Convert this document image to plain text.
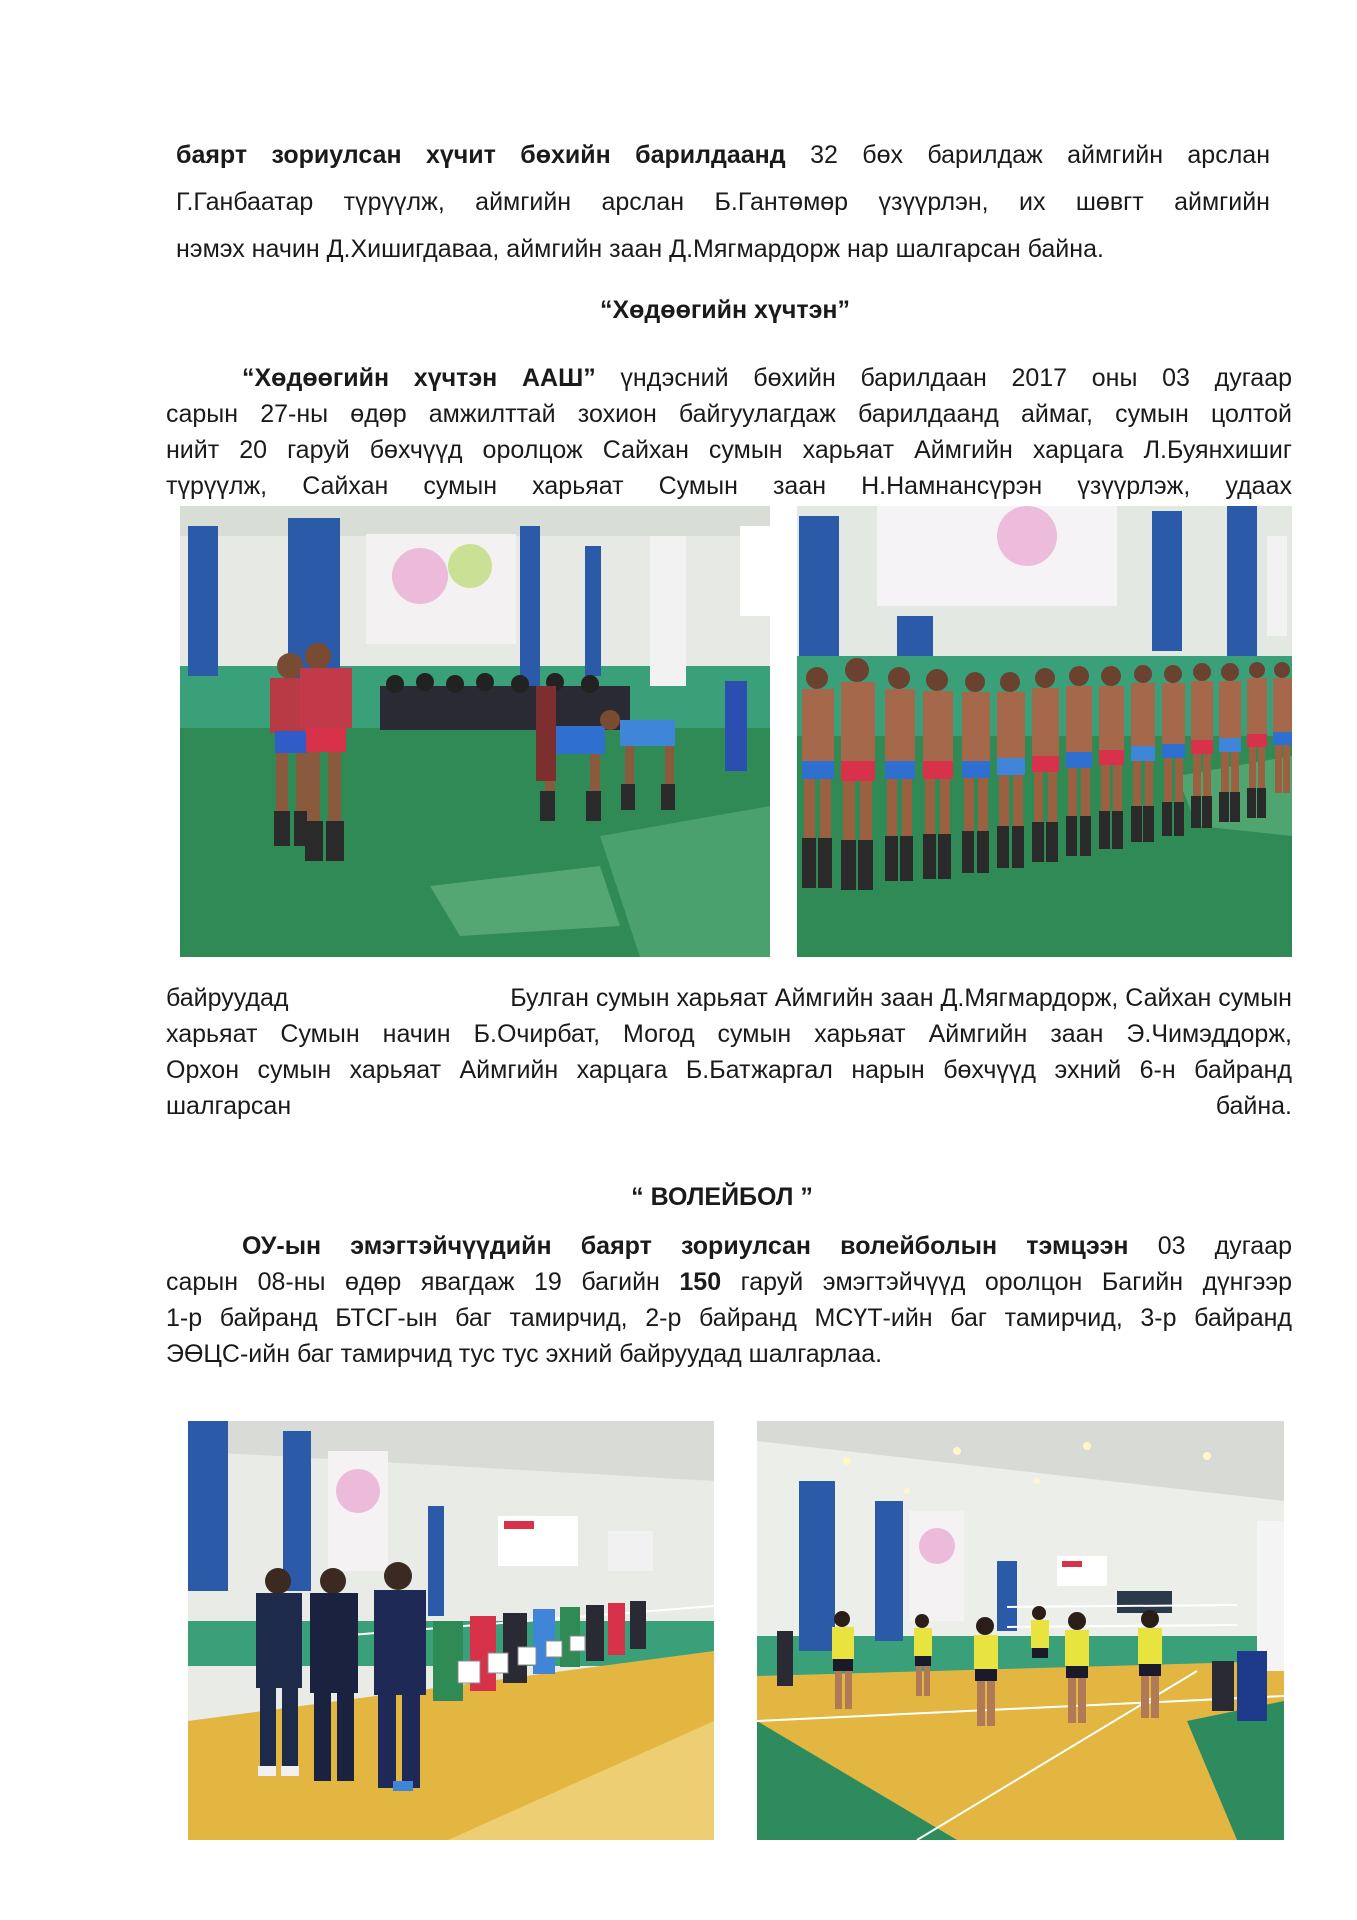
баярт зориулсан хүчит бөхийн барилдаанд 32 бөх барилдаж аймгийн арслан
Г.Ганбаатар түрүүлж, аймгийн арслан Б.Гантөмөр үзүүрлэн, их шөвгт аймгийн
нэмэх начин Д.Хишигдаваа, аймгийн заан Д.Мягмардорж нар шалгарсан байна.
“Хөдөөгийн хүчтэн”
“Хөдөөгийн хүчтэн ААШ” үндэсний бөхийн барилдаан 2017 оны 03 дугаар
сарын 27-ны өдөр амжилттай зохион байгуулагдаж барилдаанд аймаг, сумын цолтой
нийт 20 гаруй бөхчүүд оролцож Сайхан сумын харьяат Аймгийн харцага Л.Буянхишиг
түрүүлж, Сайхан сумын харьяат Сумын заан Н.Намнансүрэн үзүүрлэж, удаах
байруудад	Булган сумын харьяат Аймгийн заан Д.Мягмардорж, Сайхан сумын
харьяат Сумын начин Б.Очирбат, Могод сумын харьяат Аймгийн заан Э.Чимэддорж,
Орхон сумын харьяат Аймгийн харцага Б.Батжаргал нарын бөхчүүд эхний 6-н байранд
шалгарсан	байна.
“ ВОЛЕЙБОЛ ”
ОУ-ын эмэгтэйчүүдийн баярт зориулсан волейболын тэмцээн 03 дугаар
сарын 08-ны өдөр явагдаж 19 багийн 150 гаруй эмэгтэйчүүд оролцон Багийн дүнгээр
1-р байранд БТСГ-ын баг тамирчид, 2-р байранд МСҮТ-ийн баг тамирчид, 3-р байранд
ЭӨЦС-ийн баг тамирчид тус тус эхний байруудад шалгарлаа.
